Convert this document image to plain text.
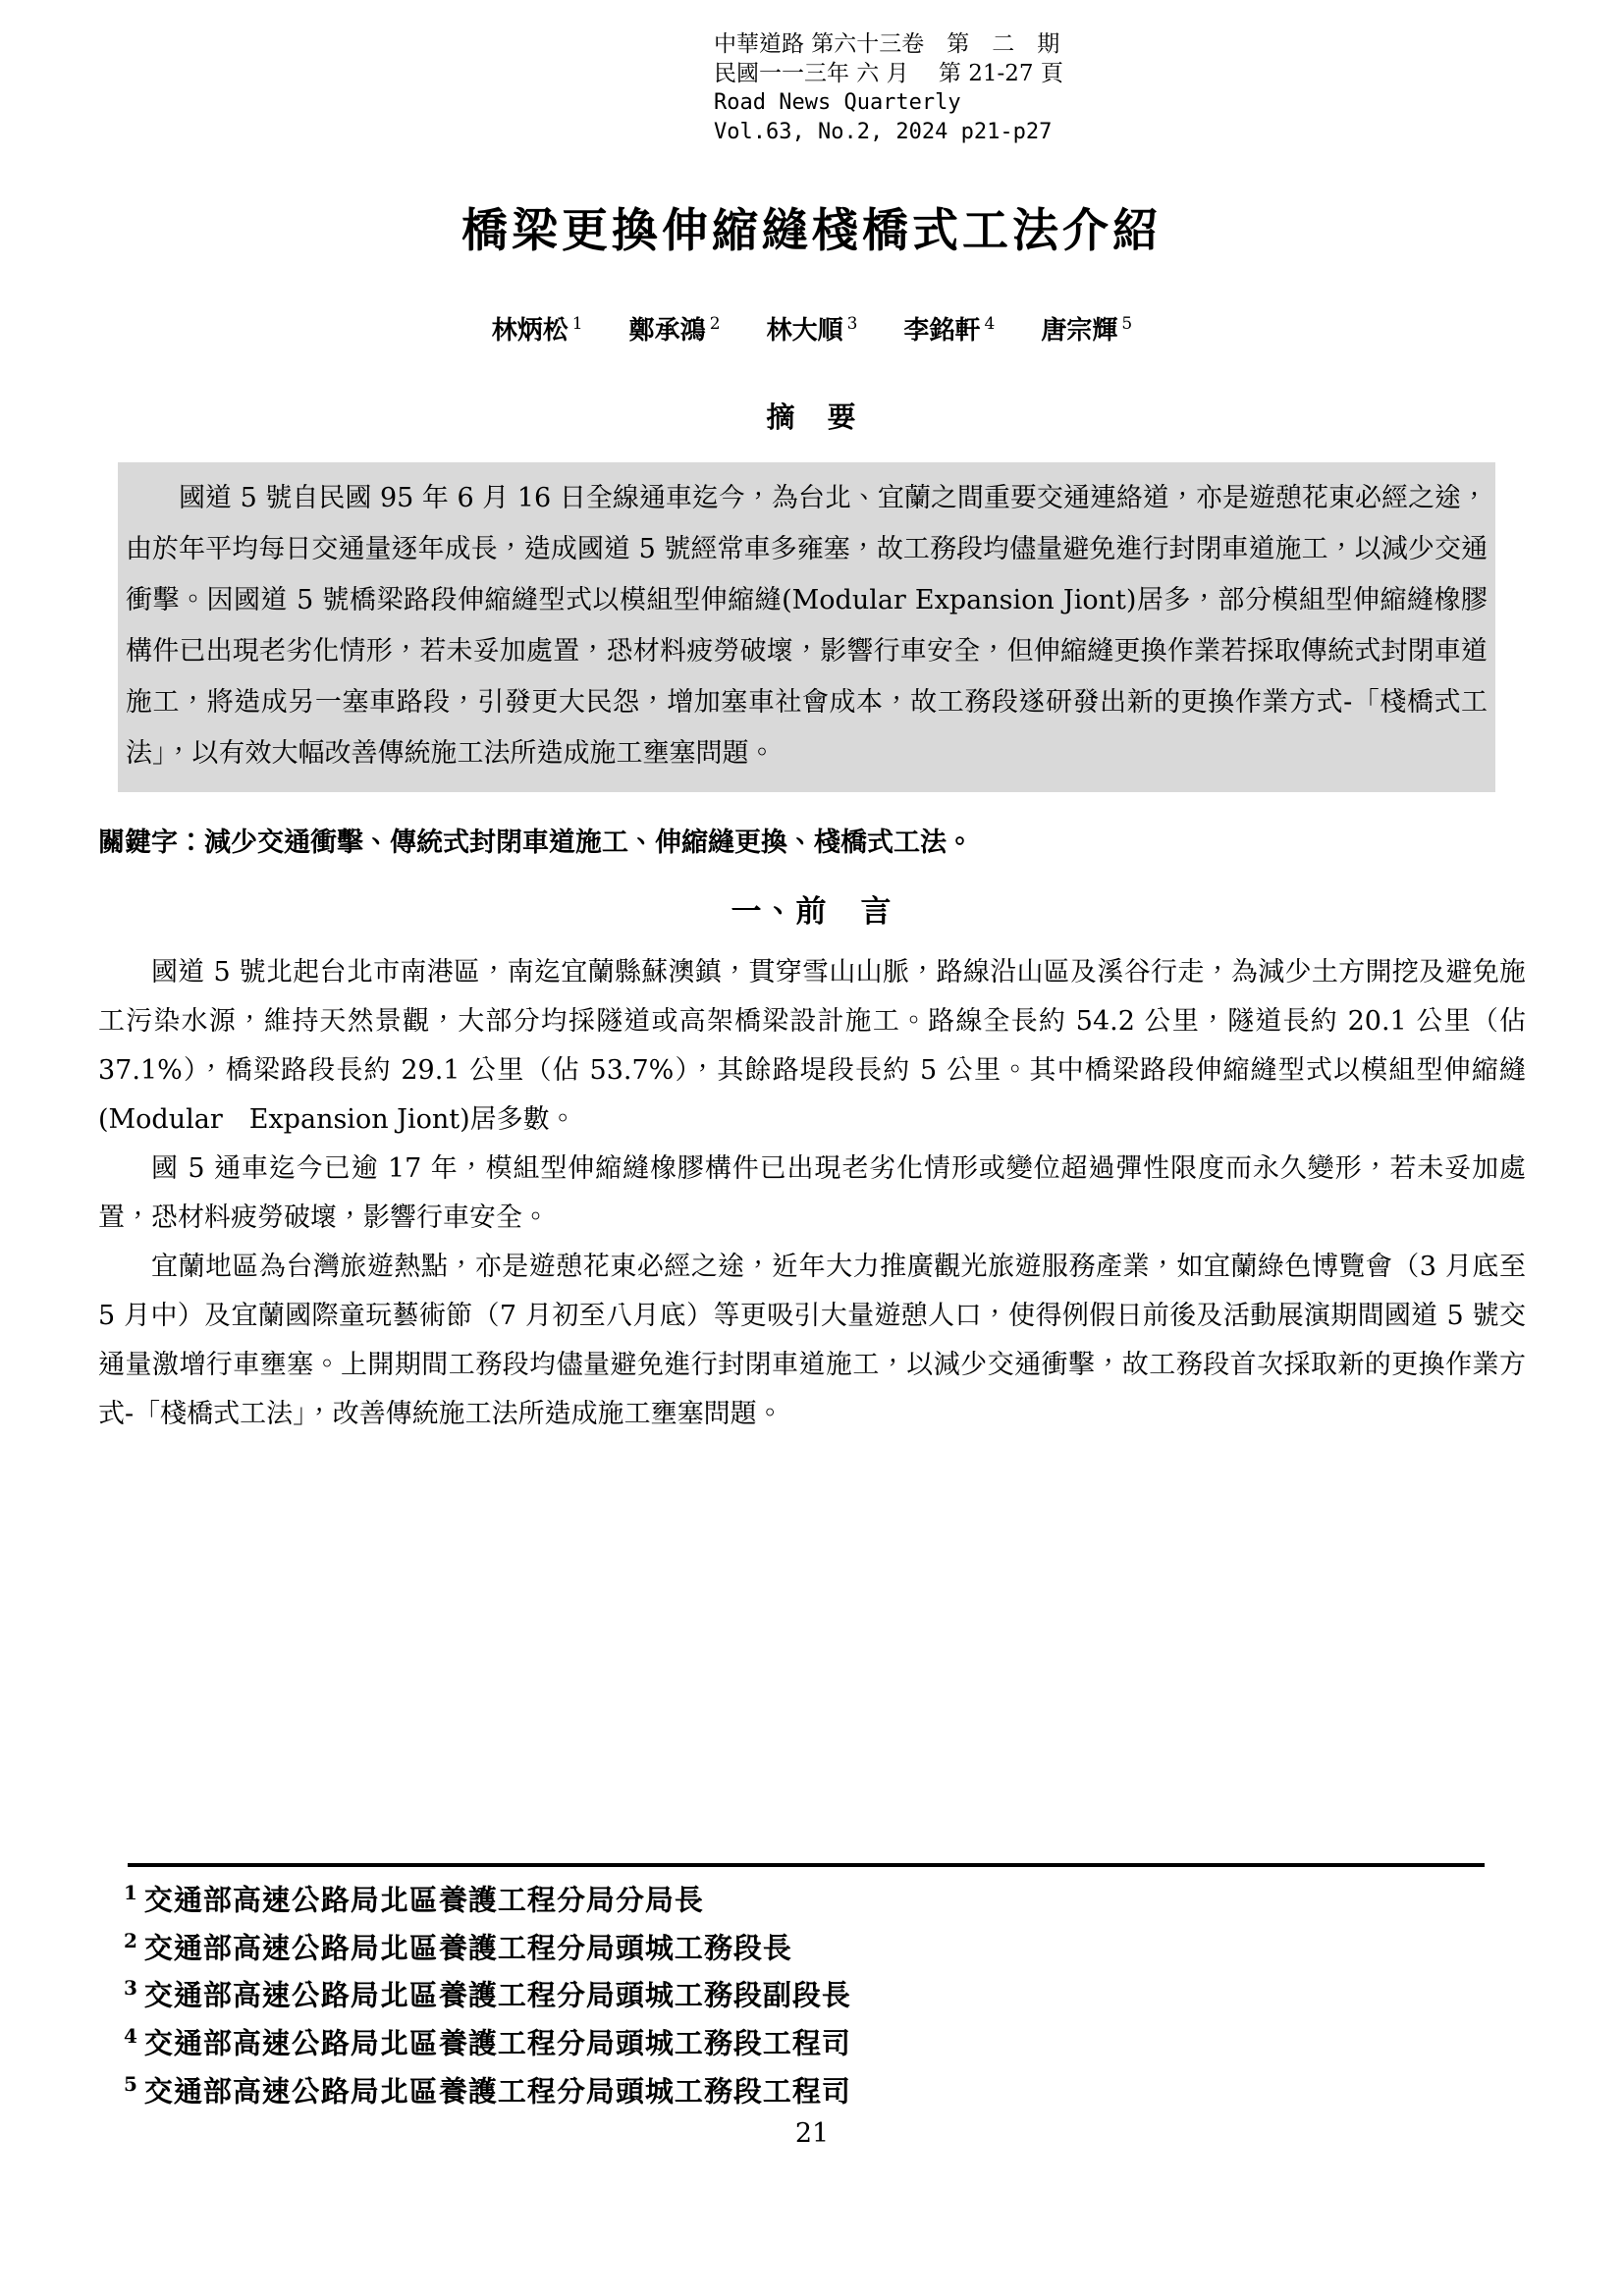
中華道路 第六十三卷　第　二　期
民國一一三年 六 月　 第 21-27 頁
Road News Quarterly
Vol.63, No.2, 2024 p21-p27
橋梁更換伸縮縫棧橋式工法介紹
林炳松 $^1$ 鄭承鴻 $^2$ 林大順 $^3$ 李銘軒 $^4$ 唐宗輝 $^5$
摘　要

國道 5 號自民國 95 年 6 月 16 日全線通車迄今，為台北、宜蘭之間重要交通連絡道，亦是遊憩花東必經之途，由於年平均每日交通量逐年成長，造成國道 5 號經常車多雍塞，故工務段均儘量避免進行封閉車道施工，以減少交通衝擊。因國道 5 號橋梁路段伸縮縫型式以模組型伸縮縫(Modular Expansion Jiont)居多，部分模組型伸縮縫橡膠構件已出現老劣化情形，若未妥加處置，恐材料疲勞破壞，影響行車安全，但伸縮縫更換作業若採取傳統式封閉車道施工，將造成另一塞車路段，引發更大民怨，增加塞車社會成本，故工務段遂研發出新的更換作業方式-「棧橋式工法」，以有效大幅改善傳統施工法所造成施工壅塞問題。

關鍵字：減少交通衝擊、傳統式封閉車道施工、伸縮縫更換、棧橋式工法。
一、前　言

國道 5 號北起台北市南港區，南迄宜蘭縣蘇澳鎮，貫穿雪山山脈，路線沿山區及溪谷行走，為減少土方開挖及避免施工污染水源，維持天然景觀，大部分均採隧道或高架橋梁設計施工。路線全長約 54.2 公里，隧道長約 20.1 公里（佔 37.1%），橋梁路段長約 29.1 公里（佔 53.7%），其餘路堤段長約 5 公里。其中橋梁路段伸縮縫型式以模組型伸縮縫(Modular　Expansion Jiont)居多數。

國 5 通車迄今已逾 17 年，模組型伸縮縫橡膠構件已出現老劣化情形或變位超過彈性限度而永久變形，若未妥加處置，恐材料疲勞破壞，影響行車安全。

宜蘭地區為台灣旅遊熱點，亦是遊憩花東必經之途，近年大力推廣觀光旅遊服務產業，如宜蘭綠色博覽會（3 月底至 5 月中）及宜蘭國際童玩藝術節（7 月初至八月底）等更吸引大量遊憩人口，使得例假日前後及活動展演期間國道 5 號交通量激增行車壅塞。上開期間工務段均儘量避免進行封閉車道施工，以減少交通衝擊，故工務段首次採取新的更換作業方式-「棧橋式工法」，改善傳統施工法所造成施工壅塞問題。

$^1$ 交通部高速公路局北區養護工程分局分局長
$^2$ 交通部高速公路局北區養護工程分局頭城工務段長
$^3$ 交通部高速公路局北區養護工程分局頭城工務段副段長
$^4$ 交通部高速公路局北區養護工程分局頭城工務段工程司
$^5$ 交通部高速公路局北區養護工程分局頭城工務段工程司
21
